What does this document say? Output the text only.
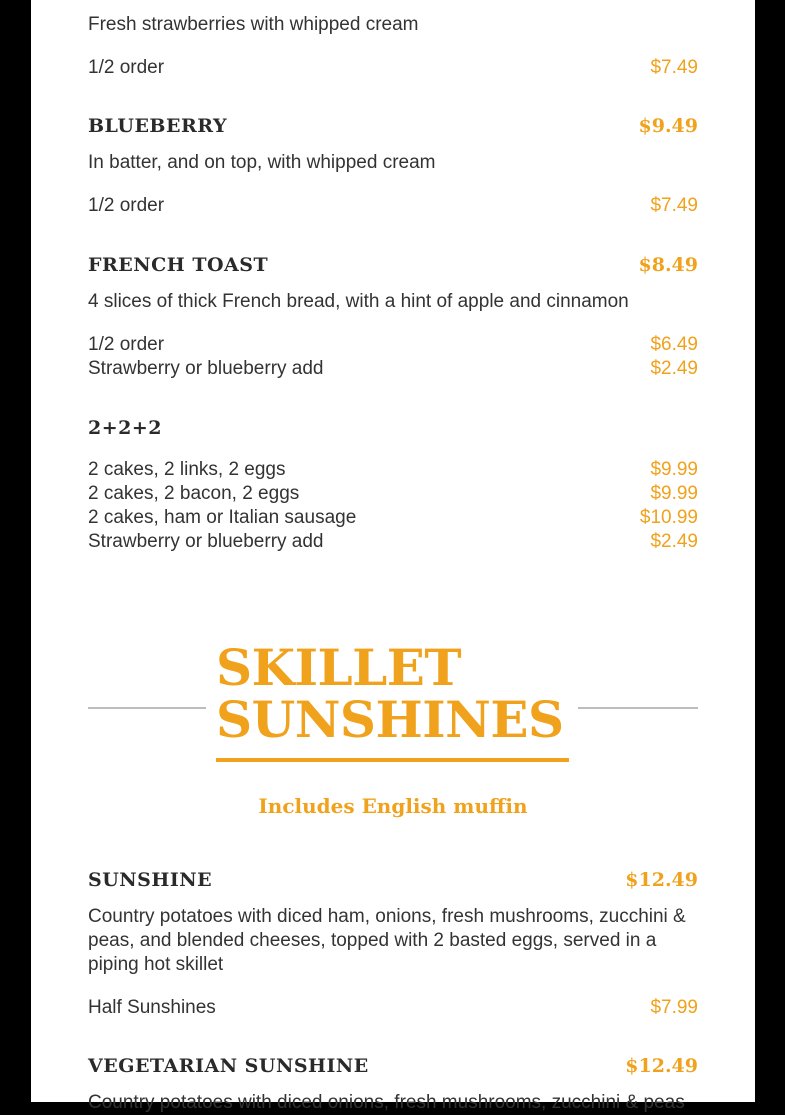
Fresh strawberries with whipped cream
1/2 order	$7.49
BLUEBERRY	$9.49
In batter, and on top, with whipped cream
1/2 order	$7.49
FRENCH TOAST	$8.49
4 slices of thick French bread, with a hint of apple and cinnamon
1/2 order	$6.49
Strawberry or blueberry add	$2.49
2+2+2
2 cakes, 2 links, 2 eggs	$9.99
2 cakes, 2 bacon, 2 eggs	$9.99
2 cakes, ham or Italian sausage	$10.99
Strawberry or blueberry add	$2.49
SKILLET
SUNSHINES
Includes English muffin
SUNSHINE	$12.49
Country potatoes with diced ham, onions, fresh mushrooms, zucchini & peas, and blended cheeses, topped with 2 basted eggs, served in a piping hot skillet
Half Sunshines	$7.99
VEGETARIAN SUNSHINE	$12.49
Country potatoes with diced onions, fresh mushrooms, zucchini & peas
